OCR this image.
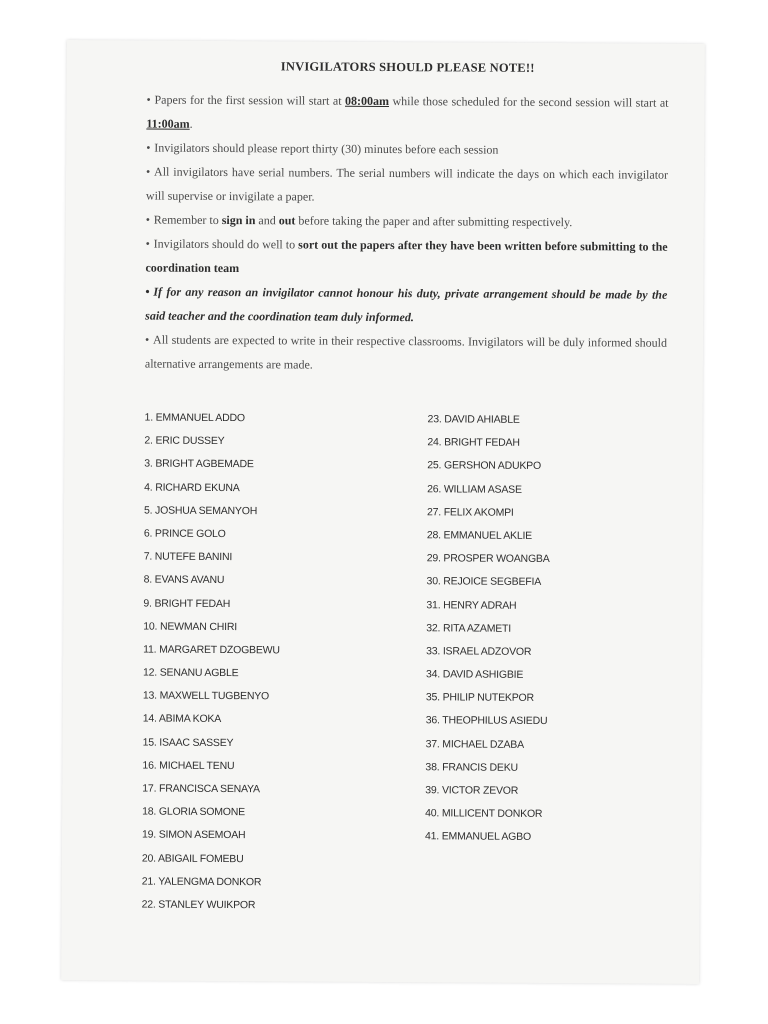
INVIGILATORS SHOULD PLEASE NOTE!!

• Papers for the first session will start at 08:00am while those scheduled for the second session will start at 11:00am.

• Invigilators should please report thirty (30) minutes before each session

• All invigilators have serial numbers. The serial numbers will indicate the days on which each invigilator will supervise or invigilate a paper.

• Remember to sign in and out before taking the paper and after submitting respectively.

• Invigilators should do well to sort out the papers after they have been written before submitting to the coordination team

• If for any reason an invigilator cannot honour his duty, private arrangement should be made by the said teacher and the coordination team duly informed.

• All students are expected to write in their respective classrooms. Invigilators will be duly informed should alternative arrangements are made.

1. EMMANUEL ADDO
2. ERIC DUSSEY
3. BRIGHT AGBEMADE
4. RICHARD EKUNA
5. JOSHUA SEMANYOH
6. PRINCE GOLO
7. NUTEFE BANINI
8. EVANS AVANU
9. BRIGHT FEDAH
10. NEWMAN CHIRI
11. MARGARET DZOGBEWU
12. SENANU AGBLE
13. MAXWELL TUGBENYO
14. ABIMA KOKA
15. ISAAC SASSEY
16. MICHAEL TENU
17. FRANCISCA SENAYA
18. GLORIA SOMONE
19. SIMON ASEMOAH
20. ABIGAIL FOMEBU
21. YALENGMA DONKOR
22. STANLEY WUIKPOR
23. DAVID AHIABLE
24. BRIGHT FEDAH
25. GERSHON ADUKPO
26. WILLIAM ASASE
27. FELIX AKOMPI
28. EMMANUEL AKLIE
29. PROSPER WOANGBA
30. REJOICE SEGBEFIA
31. HENRY ADRAH
32. RITA AZAMETI
33. ISRAEL ADZOVOR
34. DAVID ASHIGBIE
35. PHILIP NUTEKPOR
36. THEOPHILUS ASIEDU
37. MICHAEL DZABA
38. FRANCIS DEKU
39. VICTOR ZEVOR
40. MILLICENT DONKOR
41. EMMANUEL AGBO
